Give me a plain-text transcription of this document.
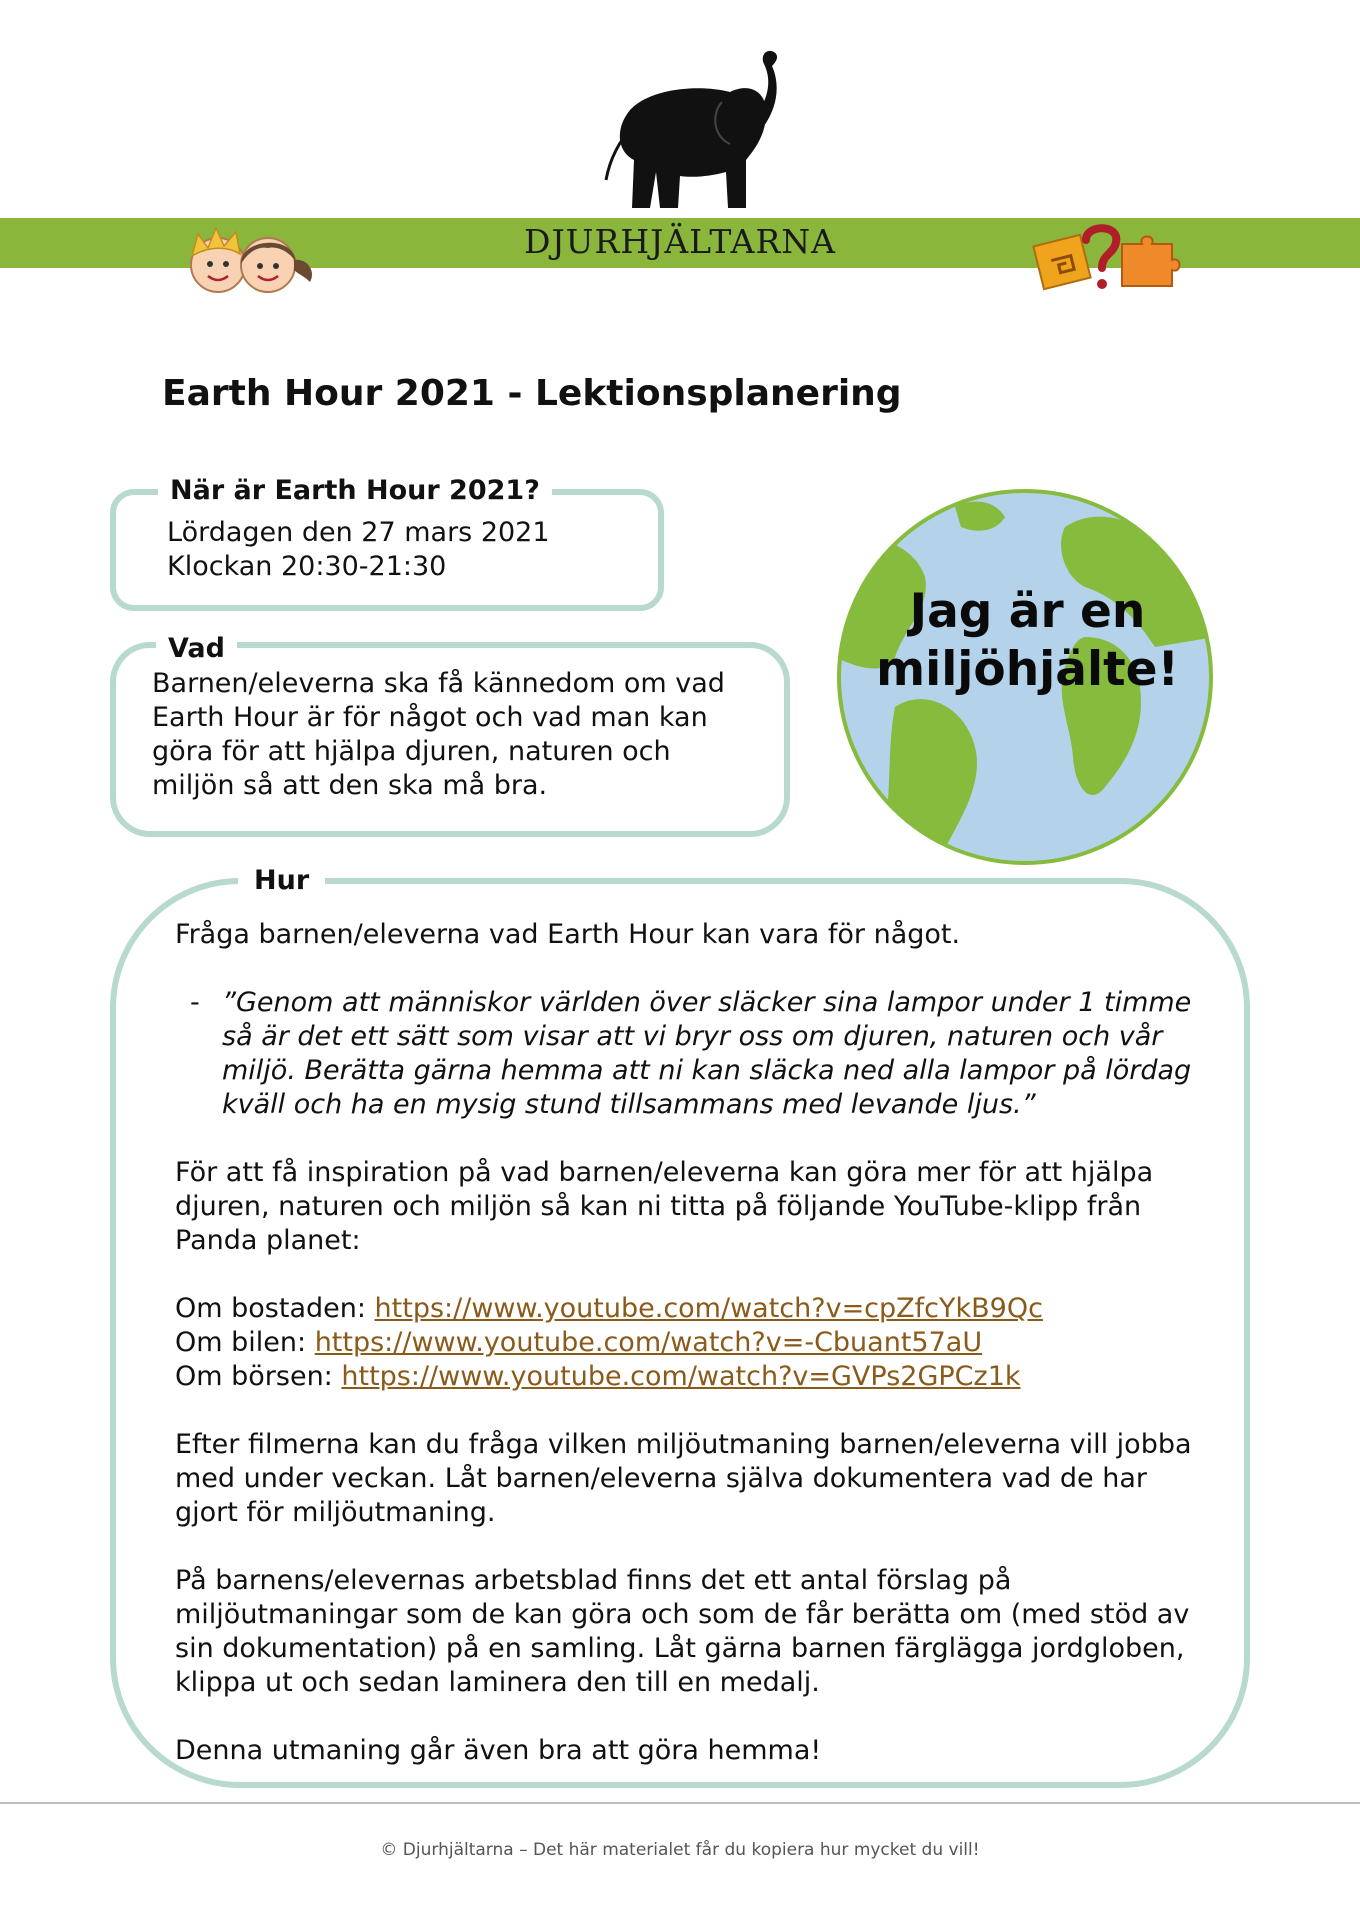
DJURHJÄLTARNA
Earth Hour 2021 - Lektionsplanering
När är Earth Hour 2021?
Lördagen den 27 mars 2021
Klockan 20:30-21:30
Vad
Barnen/eleverna ska få kännedom om vad
Earth Hour är för något och vad man kan
göra för att hjälpa djuren, naturen och
miljön så att den ska må bra.
Jag är en
miljöhjälte!
Hur

Fråga barnen/eleverna vad Earth Hour kan vara för något.

- ”Genom att människor världen över släcker sina lampor under 1 timme
så är det ett sätt som visar att vi bryr oss om djuren, naturen och vår
miljö. Berätta gärna hemma att ni kan släcka ned alla lampor på lördag
kväll och ha en mysig stund tillsammans med levande ljus.”
För att få inspiration på vad barnen/eleverna kan göra mer för att hjälpa
djuren, naturen och miljön så kan ni titta på följande YouTube-klipp från
Panda planet:
Om bostaden: https://www.youtube.com/watch?v=cpZfcYkB9Qc
Om bilen: https://www.youtube.com/watch?v=-Cbuant57aU
Om börsen: https://www.youtube.com/watch?v=GVPs2GPCz1k
Efter filmerna kan du fråga vilken miljöutmaning barnen/eleverna vill jobba
med under veckan. Låt barnen/eleverna själva dokumentera vad de har
gjort för miljöutmaning.
På barnens/elevernas arbetsblad finns det ett antal förslag på
miljöutmaningar som de kan göra och som de får berätta om (med stöd av
sin dokumentation) på en samling. Låt gärna barnen färglägga jordgloben,
klippa ut och sedan laminera den till en medalj.

Denna utmaning går även bra att göra hemma!

© Djurhjältarna – Det här materialet får du kopiera hur mycket du vill!
